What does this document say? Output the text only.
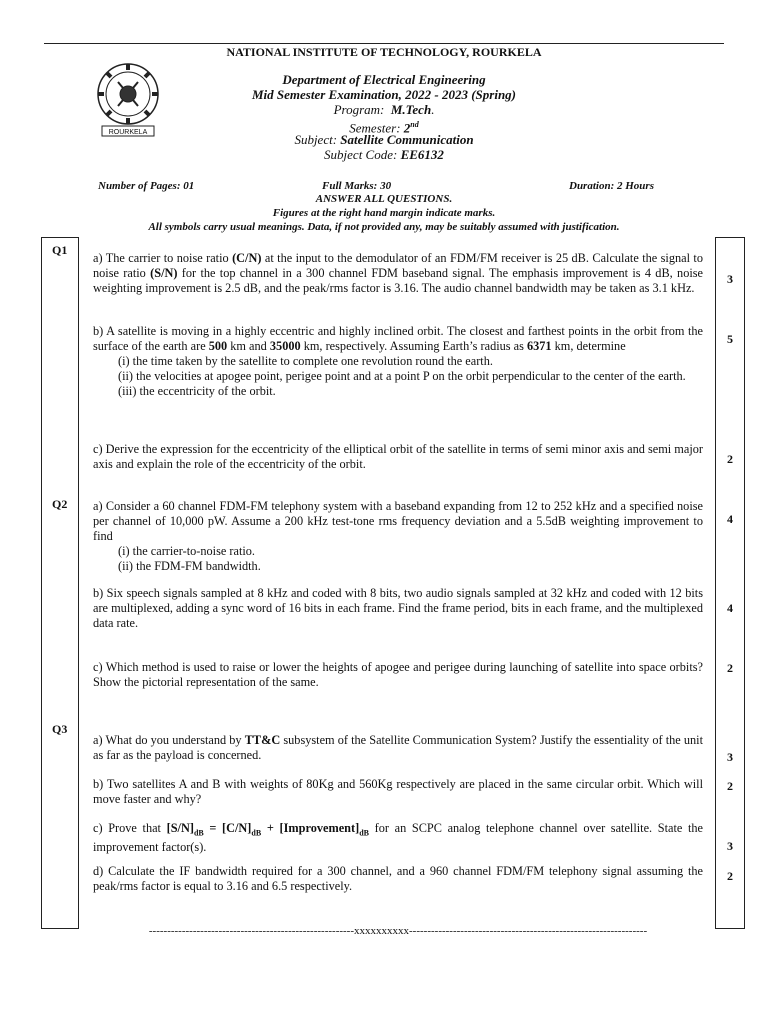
NATIONAL INSTITUTE OF TECHNOLOGY, ROURKELA
ROURKELA
Department of Electrical Engineering
Mid Semester Examination, 2022 - 2023 (Spring)
Program: M.Tech.
Semester: 2nd
Subject: Satellite Communication
Subject Code: EE6132
Number of Pages: 01	Full Marks: 30	Duration: 2 Hours
ANSWER ALL QUESTIONS.
Figures at the right hand margin indicate marks.
All symbols carry usual meanings. Data, if not provided any, may be suitably assumed with justification.
Q1

a) The carrier to noise ratio (C/N) at the input to the demodulator of an FDM/FM receiver is 25 dB. Calculate the signal to noise ratio (S/N) for the top channel in a 300 channel FDM baseband signal. The emphasis improvement is 4 dB, noise weighting improvement is 2.5 dB, and the peak/rms factor is 3.16. The audio channel bandwidth may be taken as 3.1 kHz.

3

b) A satellite is moving in a highly eccentric and highly inclined orbit. The closest and farthest points in the orbit from the surface of the earth are 500 km and 35000 km, respectively. Assuming Earth’s radius as 6371 km, determine

(i) the time taken by the satellite to complete one revolution round the earth.

(ii) the velocities at apogee point, perigee point and at a point P on the orbit perpendicular to the center of the earth.

(iii) the eccentricity of the orbit.

5
c) Derive the expression for the eccentricity of the elliptical orbit of the satellite in terms of semi minor axis and semi major axis and explain the role of the eccentricity of the orbit.	2
Q2 a) Consider a 60 channel FDM-FM telephony system with a baseband expanding from 12 to 252 kHz and a specified noise per channel of 10,000 pW. Assume a 200 kHz test-tone rms frequency deviation and a 5.5dB weighting improvement to find

(i) the carrier-to-noise ratio.

(ii) the FDM-FM bandwidth.

4
b) Six speech signals sampled at 8 kHz and coded with 8 bits, two audio signals sampled at 32 kHz and coded with 12 bits are multiplexed, adding a sync word of 16 bits in each frame. Find the frame period, bits in each frame, and the multiplexed data rate.
4
c) Which method is used to raise or lower the heights of apogee and perigee during launching of satellite into space orbits? Show the pictorial representation of the same.
2
Q3

a) What do you understand by TT&C subsystem of the Satellite Communication System? Justify the essentiality of the unit as far as the payload is concerned.	3
b) Two satellites A and B with weights of 80Kg and 560Kg respectively are placed in the same circular orbit. Which will move faster and why?
2

c) Prove that $[S/N]_{dB} = [C/N]_{dB}$ + $[Improvement]_{dB}$ for an SCPC analog telephone channel over satellite. State the improvement factor(s).	3
d) Calculate the IF bandwidth required for a 300 channel, and a 960 channel FDM/FM telephony signal assuming the peak/rms factor is equal to 3.16 and 6.5 respectively.
2
--------------------------------------------------------xxxxxxxxxx-----------------------------------------------------------------
